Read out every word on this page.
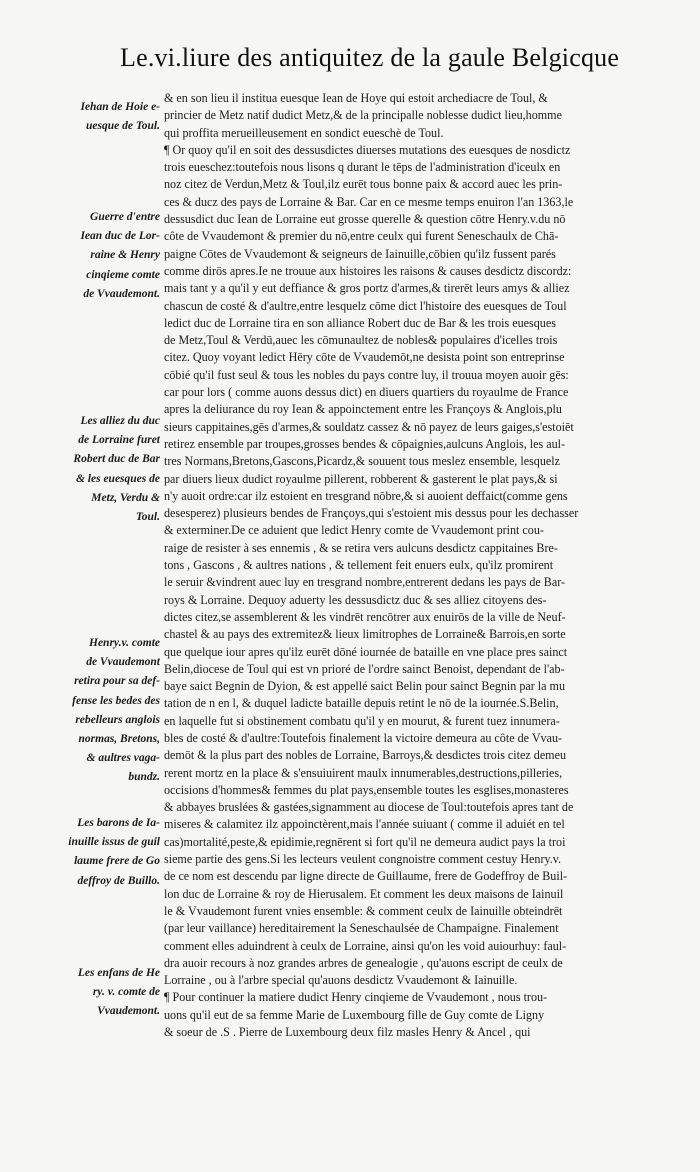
Le.vi.liure des antiquitez de la gaule Belgicque
Iehan de Hoie e-
uesque de Toul.
Guerre d'entre
Iean duc de Lor-
raine & Henry
cinqieme comte
de Vvaudemont.
Les alliez du duc
de Lorraine furet
Robert duc de Bar
& les euesques de
Metz, Verdu &
Toul.
Henry.v. comte
de Vvaudemont
retira pour sa def-
fense les bedes des
rebelleurs anglois
normas, Bretons,
& aultres vaga-
bundz.
Les barons de Ia-
inuille issus de guil
laume frere de Go
deffroy de Buillo.
Les enfans de He
ry. v. comte de
Vvaudemont.
& en son lieu il institua euesque Iean de Hoye qui estoit archediacre de Toul, &
princier de Metz natif dudict Metz,& de la principalle noblesse dudict lieu,homme
qui proffita merueilleusement en sondict eueschè de Toul.
¶ Or quoy qu'il en soit des dessusdictes diuerses mutations des euesques de nosdictz
trois eueschez:toutefois nous lisons q durant le tēps de l'administration d'iceulx en
noz citez de Verdun,Metz & Toul,ilz eurēt tous bonne paix & accord auec les prin-
ces & ducz des pays de Lorraine & Bar. Car en ce mesme temps enuiron l'an 1363,le
dessusdict duc Iean de Lorraine eut grosse querelle & question cōtre Henry.v.du nō
côte de Vvaudemont & premier du nō,entre ceulx qui furent Seneschaulx de Chā-
paigne Cōtes de Vvaudemont & seigneurs de Iainuille,cōbien qu'ilz fussent parés
comme dirōs apres.Ie ne trouue aux histoires les raisons & causes desdictz discordz:
mais tant y a qu'il y eut deffiance & gros portz d'armes,& tirerēt leurs amys & alliez
chascun de costé & d'aultre,entre lesquelz cōme dict l'histoire des euesques de Toul
ledict duc de Lorraine tira en son alliance Robert duc de Bar & les trois euesques
de Metz,Toul & Verdū,auec les cōmunaultez de nobles& populaires d'icelles trois
citez. Quoy voyant ledict Hēry cōte de Vvaudemōt,ne desista point son entreprinse
cōbié qu'il fust seul & tous les nobles du pays contre luy, il trouua moyen auoir gēs:
car pour lors ( comme auons dessus dict) en diuers quartiers du royaulme de France
apres la deliurance du roy Iean & appoinctement entre les Françoys & Anglois,plu
sieurs cappitaines,gēs d'armes,& souldatz cassez & nō payez de leurs gaiges,s'estoiēt
retirez ensemble par troupes,grosses bendes & cōpaignies,aulcuns Anglois, les aul-
tres Normans,Bretons,Gascons,Picardz,& souuent tous meslez ensemble, lesquelz
par diuers lieux dudict royaulme pillerent, robberent & gasterent le plat pays,& si
n'y auoit ordre:car ilz estoient en tresgrand nōbre,& si auoient deffaict(comme gens
desesperez) plusieurs bendes de Françoys,qui s'estoient mis dessus pour les dechasser
& exterminer.De ce aduient que ledict Henry comte de Vvaudemont print cou-
raige de resister à ses ennemis , & se retira vers aulcuns desdictz cappitaines Bre-
tons , Gascons , & aultres nations , & tellement feit enuers eulx, qu'ilz promirent
le seruir &vindrent auec luy en tresgrand nombre,entrerent dedans les pays de Bar-
roys & Lorraine. Dequoy aduerty les dessusdictz duc & ses alliez citoyens des-
dictes citez,se assemblerent & les vindrēt rencōtrer aux enuirōs de la ville de Neuf-
chastel & au pays des extremitez& lieux limitrophes de Lorraine& Barrois,en sorte
que quelque iour apres qu'ilz eurēt dōné iournée de bataille en vne place pres sainct
Belin,diocese de Toul qui est vn prioré de l'ordre sainct Benoist, dependant de l'ab-
baye saict Begnin de Dyion, & est appellé saict Belin pour sainct Begnin par la mu
tation de n en l, & duquel ladicte bataille depuis retint le nō de la iournée.S.Belin,
en laquelle fut si obstinement combatu qu'il y en mourut, & furent tuez innumera-
bles de costé & d'aultre:Toutefois finalement la victoire demeura au côte de Vvau-
demōt & la plus part des nobles de Lorraine, Barroys,& desdictes trois citez demeu
rerent mortz en la place & s'ensuiuirent maulx innumerables,destructions,pilleries,
occisions d'hommes& femmes du plat pays,ensemble toutes les esglises,monasteres
& abbayes bruslées & gastées,signamment au diocese de Toul:toutefois apres tant de
miseres & calamitez ilz appoinctèrent,mais l'année suiuant ( comme il aduiét en tel
cas)mortalité,peste,& epidimie,regnērent si fort qu'il ne demeura audict pays la troi
sieme partie des gens.Si les lecteurs veulent congnoistre comment cestuy Henry.v.
de ce nom est descendu par ligne directe de Guillaume, frere de Godeffroy de Buil-
lon duc de Lorraine & roy de Hierusalem. Et comment les deux maisons de Iainuil
le & Vvaudemont furent vnies ensemble: & comment ceulx de Iainuille obteindrēt
(par leur vaillance) hereditairement la Seneschaulsée de Champaigne. Finalement
comment elles aduindrent à ceulx de Lorraine, ainsi qu'on les void auiourhuy: faul-
dra auoir recours à noz grandes arbres de genealogie , qu'auons escript de ceulx de
Lorraine , ou à l'arbre special qu'auons desdictz Vvaudemont & Iainuille.
¶ Pour continuer la matiere dudict Henry cinqieme de Vvaudemont , nous trou-
uons qu'il eut de sa femme Marie de Luxembourg fille de Guy comte de Ligny
& soeur de .S . Pierre de Luxembourg deux filz masles Henry & Ancel , qui
